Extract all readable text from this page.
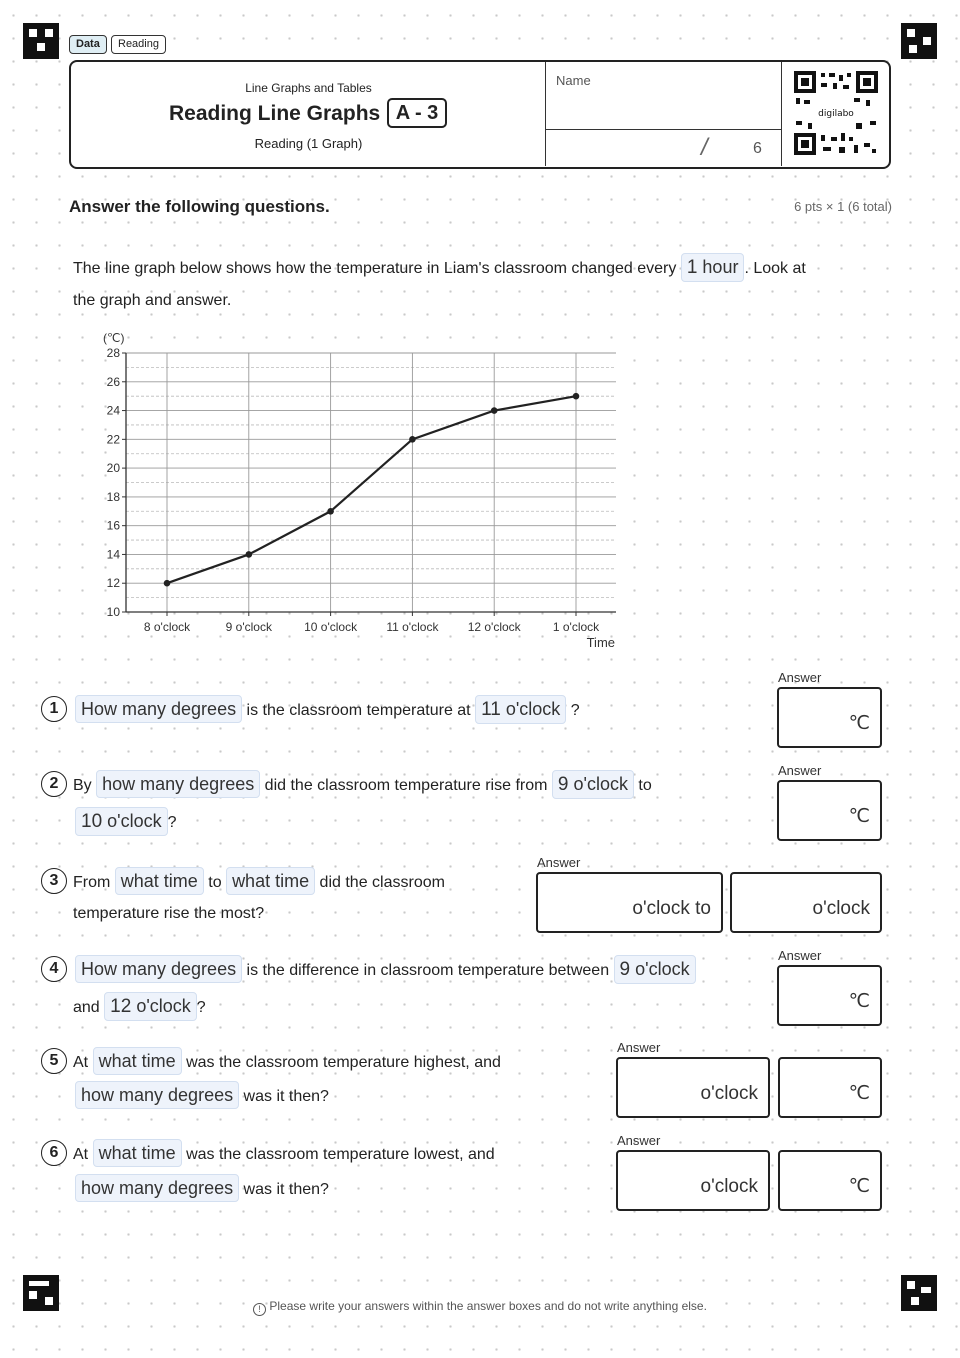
Data	Reading
Line Graphs and Tables
Reading Line Graphs A - 3
Reading (1 Graph)
Name
/	6
digilabo
Answer the following questions.	6 pts × 1 (6 total)
The line graph below shows how the temperature in Liam's classroom changed every 1 hour . Look at
the graph and answer.
28
26
24
22
20
18
16
14
12
10
8 o'clock	9 o'clock	10 o'clock 11 o'clock 12 o'clock	1 o'clock
(℃)
Time
1	How many degrees is the classroom temperature at 11 o'clock ?
Answer
℃
2 By how many degrees did the classroom temperature rise from 9 o'clock to
10 o'clock ?
Answer
℃
3 From what time to what time did the classroom
temperature rise the most?
Answer
o'clock to	o'clock
4	How many degrees is the difference in classroom temperature between 9 o'clock
and 12 o'clock ?
Answer
℃
5 At what time was the classroom temperature highest, and
how many degrees was it then?
Answer
o'clock	℃
6 At what time was the classroom temperature lowest, and
how many degrees was it then?
Answer
o'clock	℃
! Please write your answers within the answer boxes and do not write anything else.
